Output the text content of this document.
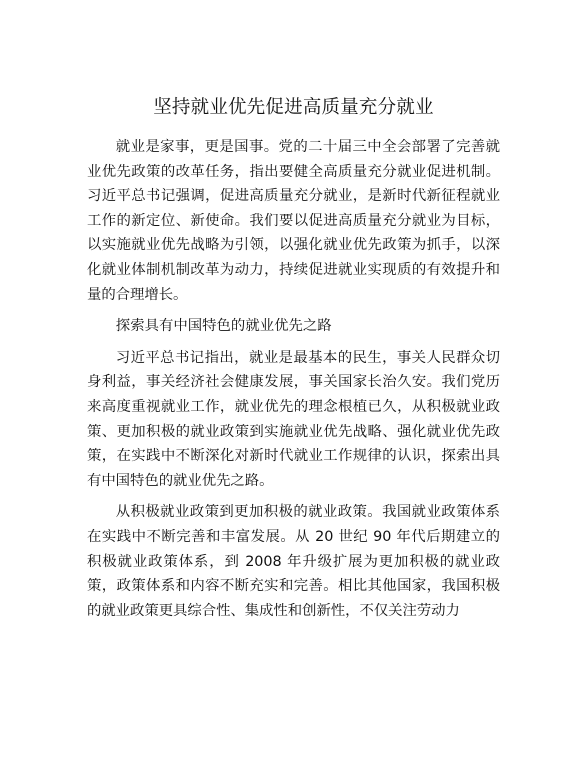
坚持就业优先促进高质量充分就业

就业是家事，更是国事。党的二十届三中全会部署了完善就业优先政策的改革任务，指出要健全高质量充分就业促进机制。习近平总书记强调，促进高质量充分就业，是新时代新征程就业工作的新定位、新使命。我们要以促进高质量充分就业为目标，以实施就业优先战略为引领，以强化就业优先政策为抓手，以深化就业体制机制改革为动力，持续促进就业实现质的有效提升和量的合理增长。

探索具有中国特色的就业优先之路

习近平总书记指出，就业是最基本的民生，事关人民群众切身利益，事关经济社会健康发展，事关国家长治久安。我们党历来高度重视就业工作，就业优先的理念根植已久，从积极就业政策、更加积极的就业政策到实施就业优先战略、强化就业优先政策，在实践中不断深化对新时代就业工作规律的认识，探索出具有中国特色的就业优先之路。

从积极就业政策到更加积极的就业政策。我国就业政策体系在实践中不断完善和丰富发展。从 20 世纪 90 年代后期建立的积极就业政策体系，到 2008 年升级扩展为更加积极的就业政策，政策体系和内容不断充实和完善。相比其他国家，我国积极的就业政策更具综合性、集成性和创新性，不仅关注劳动力
